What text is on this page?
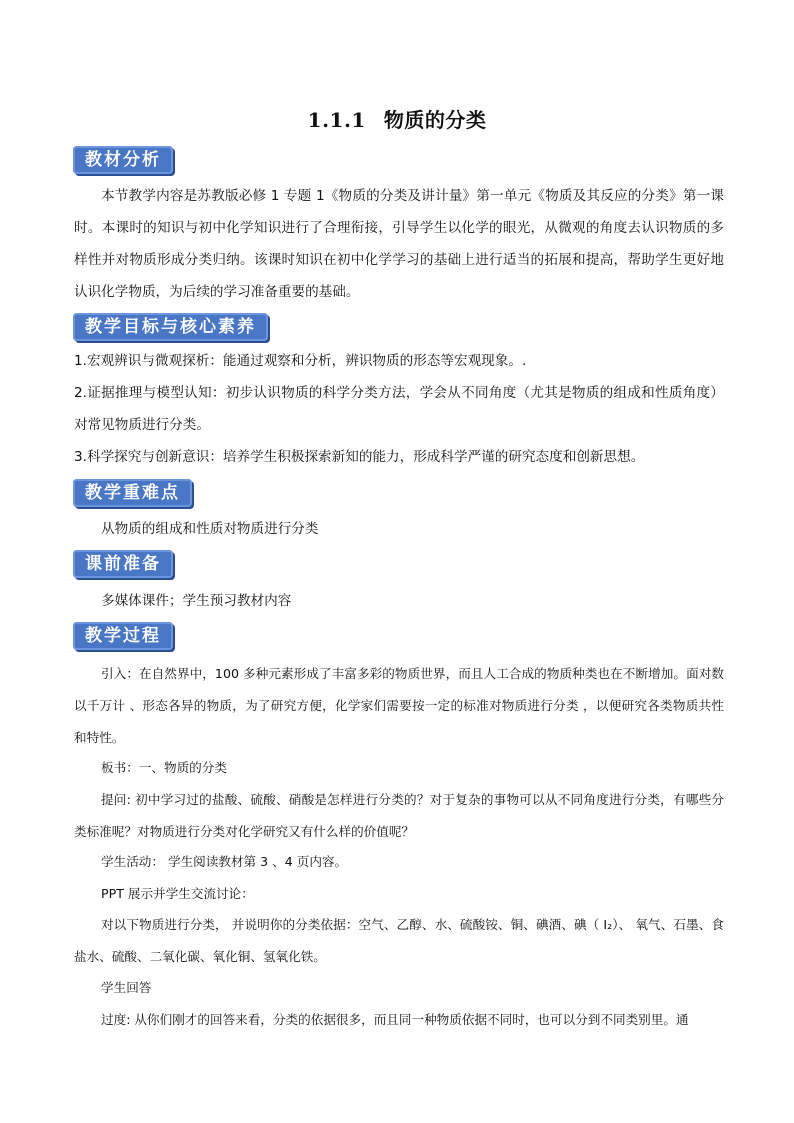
1.1.1 物质的分类
教材分析
本节教学内容是苏教版必修 1 专题 1《物质的分类及讲计量》第一单元《物质及其反应的分类》第一课时。本课时的知识与初中化学知识进行了合理衔接，引导学生以化学的眼光，从微观的角度去认识物质的多样性并对物质形成分类归纳。该课时知识在初中化学学习的基础上进行适当的拓展和提高，帮助学生更好地认识化学物质，为后续的学习准备重要的基础。
教学目标与核心素养
1.宏观辨识与微观探析：能通过观察和分析，辨识物质的形态等宏观现象。.
2.证据推理与模型认知：初步认识物质的科学分类方法，学会从不同角度（尤其是物质的组成和性质角度）对常见物质进行分类。
3.科学探究与创新意识：培养学生积极探索新知的能力，形成科学严谨的研究态度和创新思想。
教学重难点
从物质的组成和性质对物质进行分类
课前准备
多媒体课件；学生预习教材内容
教学过程
引入：在自然界中，100 多种元素形成了丰富多彩的物质世界，而且人工合成的物质种类也在不断增加。面对数以千万计 、形态各异的物质，为了研究方便，化学家们需要按一定的标准对物质进行分类 ，以便研究各类物质共性和特性。
板书：一、物质的分类
提问: 初中学习过的盐酸、硫酸、硝酸是怎样进行分类的？对于复杂的事物可以从不同角度进行分类，有哪些分类标准呢？对物质进行分类对化学研究又有什么样的价值呢？
学生活动： 学生阅读教材第 3 、4 页内容。
PPT 展示并学生交流讨论：
对以下物质进行分类， 并说明你的分类依据：空气、乙醇、水、硫酸铵、铜、碘酒、碘（ I₂）、 氧气、石墨、食盐水、硫酸、二氧化碳、氧化铜、氢氧化铁。
学生回答
过度: 从你们刚才的回答来看，分类的依据很多，而且同一种物质依据不同时，也可以分到不同类别里。通
